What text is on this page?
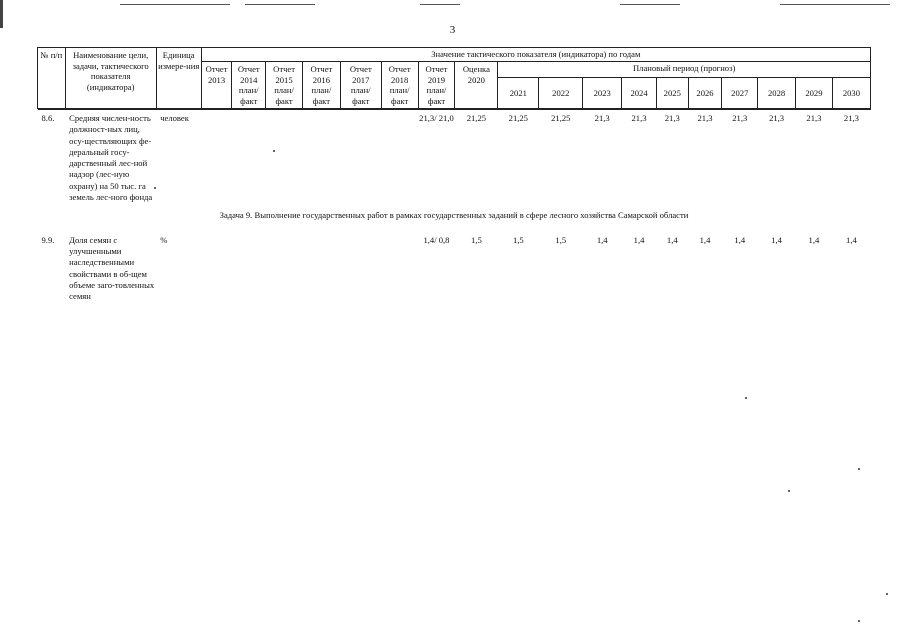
3
№ п/п	Наименование цели, задачи, тактического показателя (индикатора)	Единица измере-ния	Значение тактического показателя (индикатора) по годам																	
			Отчет 2013	Отчет 2014 план/ факт	Отчет 2015 план/ факт	Отчет 2016 план/ факт	Отчет 2017 план/ факт	Отчет 2018 план/ факт	Отчет 2019 план/ факт	Оценка 2020	Плановый период (прогноз)									
											2021	2022	2023	2024	2025	2026	2027	2028	2029	2030

8.6.	Средняя числен-ность должност-ных лиц, осу-ществляющих фе-деральный госу-дарственный лес-ной надзор (лес-ную охрану) на 50 тыс. га земель лес-ного фонда	человек							21,3/ 21,0	21,25	21,25	21,25	21,3	21,3	21,3	21,3	21,3	21,3	21,3	21,3
Задача 9. Выполнение государственных работ в рамках государственных заданий в сфере лесного хозяйства Самарской области																				
9.9.	Доля семян с улучшенными наследственными свойствами в об-щем объеме заго-товленных семян	%							1,4/ 0,8	1,5	1,5	1,5	1,4	1,4	1,4	1,4	1,4	1,4	1,4	1,4
